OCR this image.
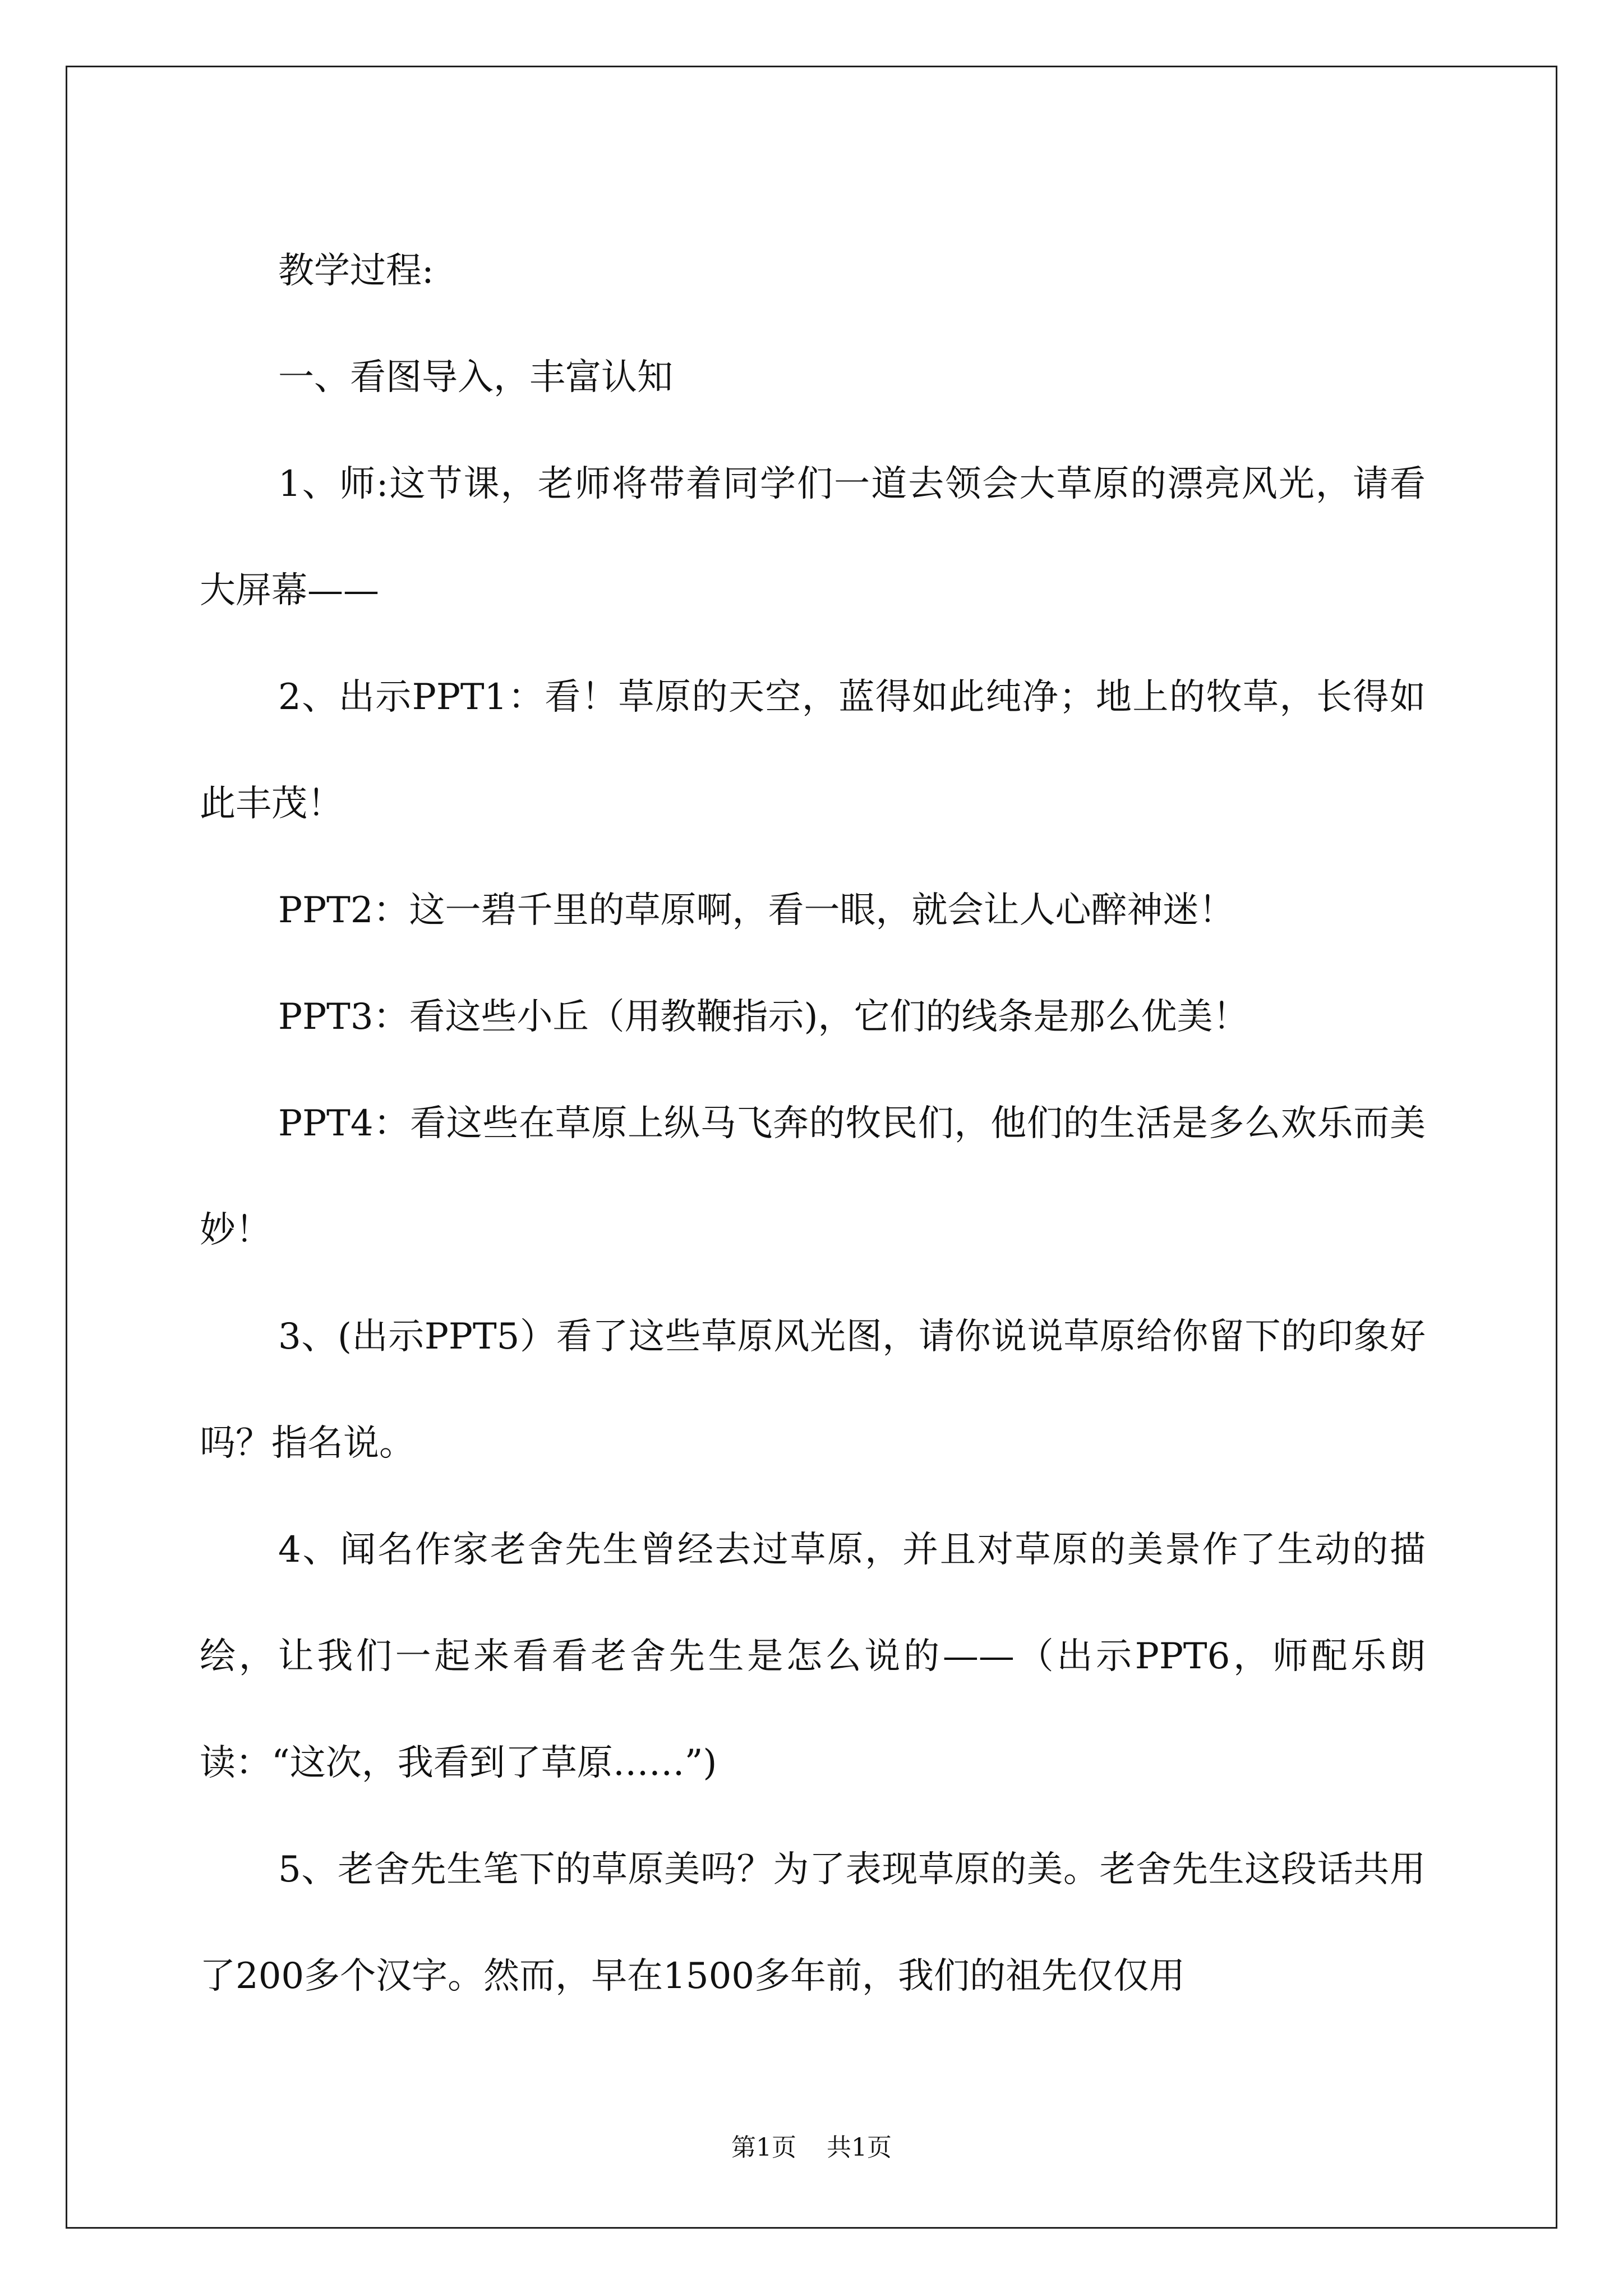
教学过程:

一、看图导入，丰富认知

1、师:这节课，老师将带着同学们一道去领会大草原的漂亮风光，请看大屏幕——

2、出示PPT1：看！草原的天空，蓝得如此纯净；地上的牧草，长得如此丰茂！

PPT2：这一碧千里的草原啊，看一眼，就会让人心醉神迷！

PPT3：看这些小丘（用教鞭指示)，它们的线条是那么优美！

PPT4：看这些在草原上纵马飞奔的牧民们，他们的生活是多么欢乐而美妙！

3、(出示PPT5）看了这些草原风光图，请你说说草原给你留下的印象好吗？指名说。

4、闻名作家老舍先生曾经去过草原，并且对草原的美景作了生动的描绘，让我们一起来看看老舍先生是怎么说的——（出示PPT6，师配乐朗读：“这次，我看到了草原……”)

5、老舍先生笔下的草原美吗？为了表现草原的美。老舍先生这段话共用了200多个汉字。然而，早在1500多年前，我们的祖先仅仅用

第1页 共1页
